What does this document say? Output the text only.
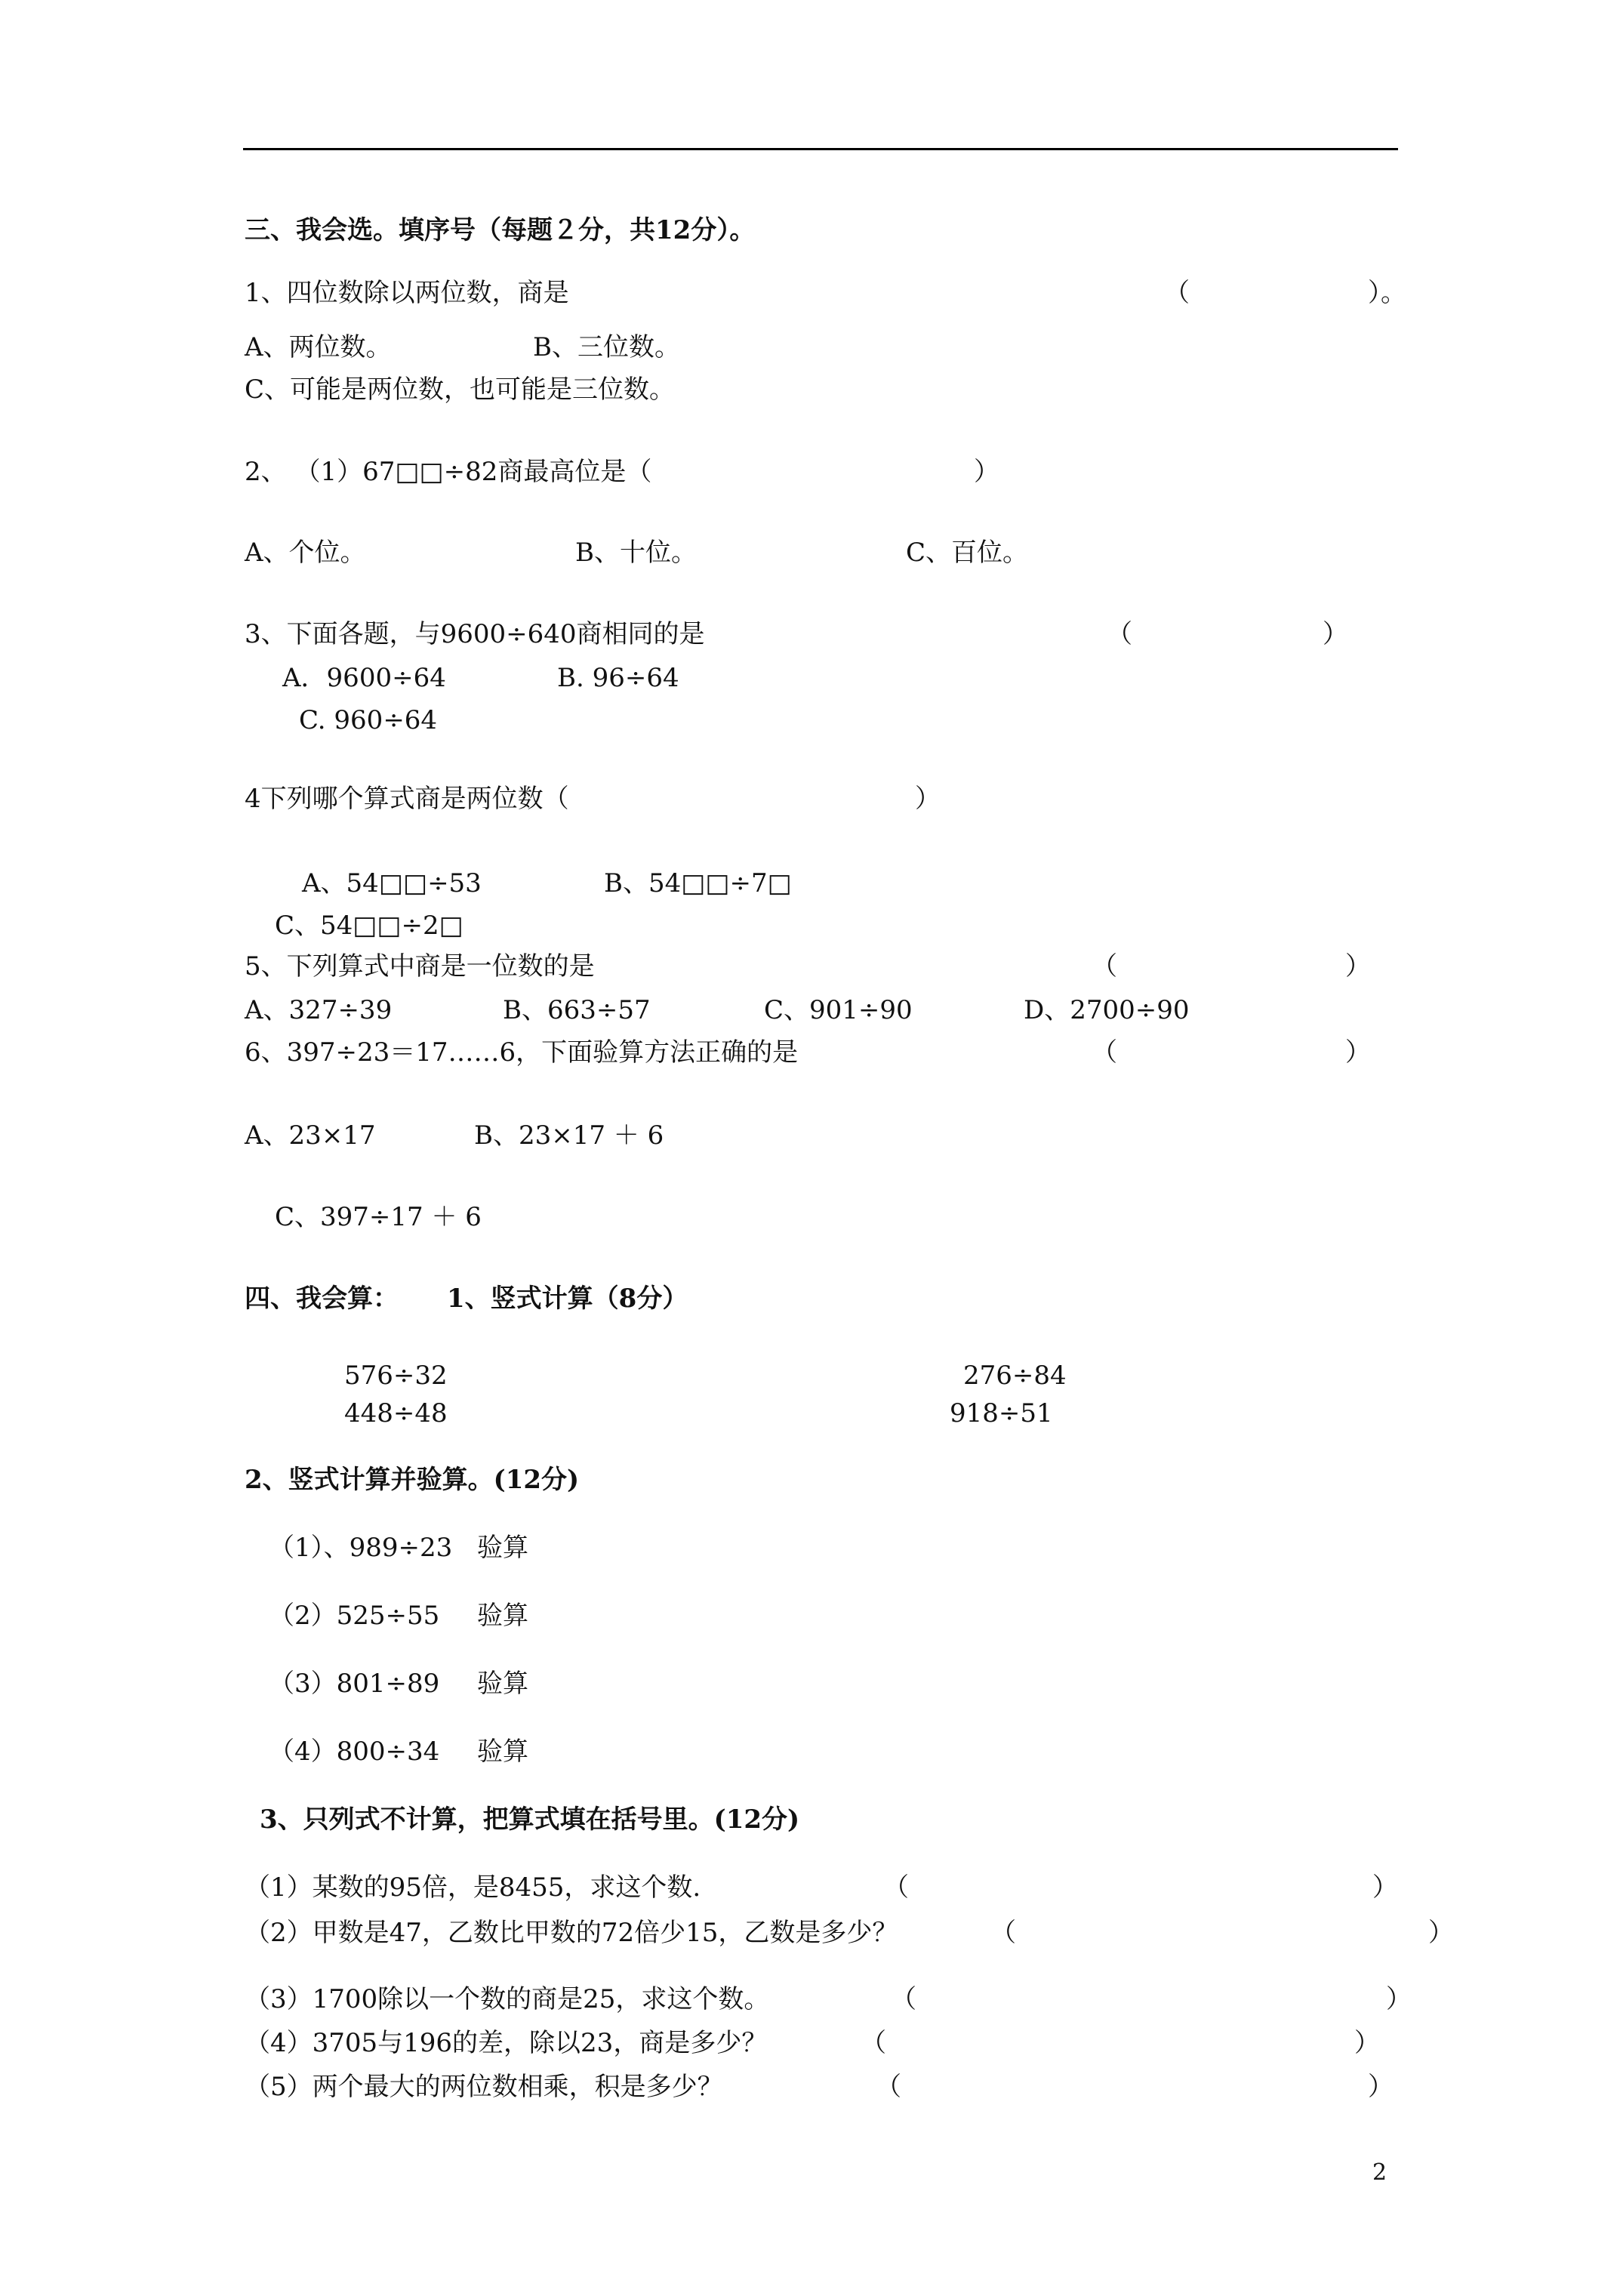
三、我会选。填序号（每题２分，共12分）。
1、四位数除以两位数，商是	（	）。
A、两位数。	B、三位数。
C、可能是两位数，也可能是三位数。
2、 （1）67□□÷82商最高位是（	）
A、个位。	B、十位。	C、百位。
3、下面各题，与9600÷640商相同的是	（	）
A．9600÷64	B. 96÷64
C. 960÷64
4下列哪个算式商是两位数（	）
A、54□□÷53	B、54□□÷7□
C、54□□÷2□
5、下列算式中商是一位数的是	（	）
A、327÷39	B、663÷57	C、901÷90	D、2700÷90
6、397÷23＝17……6，下面验算方法正确的是	（	）
A、23×17	B、23×17 ＋ 6
C、397÷17 ＋ 6
四、我会算： 1、竖式计算（8分）
576÷32	276÷84
448÷48	918÷51
2、竖式计算并验算。(12分)
（1）、989÷23 验算
（2）525÷55 验算
（3）801÷89 验算
（4）800÷34 验算
3、只列式不计算，把算式填在括号里。(12分)
（1）某数的95倍，是8455，求这个数.	（	）
（2）甲数是47，乙数比甲数的72倍少15，乙数是多少？	（	）
（3）1700除以一个数的商是25，求这个数。	（	）
（4）3705与196的差，除以23，商是多少？	（	）
（5）两个最大的两位数相乘，积是多少？	（	）
2
